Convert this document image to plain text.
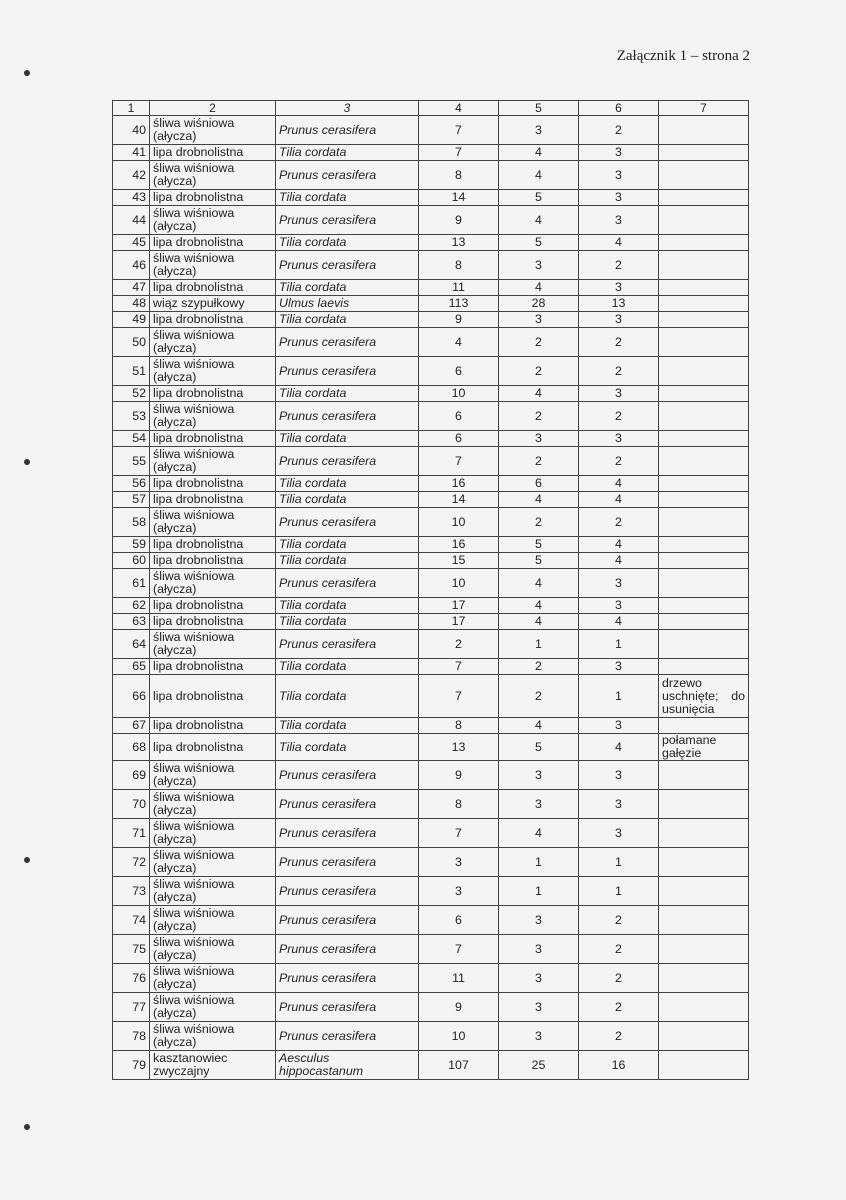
Załącznik 1 – strona 2
1	2	3	4	5	6	7
40	śliwa wiśniowa (ałycza)	Prunus cerasifera	7	3	2	
41	lipa drobnolistna	Tilia cordata	7	4	3	
42	śliwa wiśniowa (ałycza)	Prunus cerasifera	8	4	3	
43	lipa drobnolistna	Tilia cordata	14	5	3	
44	śliwa wiśniowa (ałycza)	Prunus cerasifera	9	4	3	
45	lipa drobnolistna	Tilia cordata	13	5	4	
46	śliwa wiśniowa (ałycza)	Prunus cerasifera	8	3	2	
47	lipa drobnolistna	Tilia cordata	11	4	3	
48	wiąz szypułkowy	Ulmus laevis	113	28	13	
49	lipa drobnolistna	Tilia cordata	9	3	3	
50	śliwa wiśniowa (ałycza)	Prunus cerasifera	4	2	2	
51	śliwa wiśniowa (ałycza)	Prunus cerasifera	6	2	2	
52	lipa drobnolistna	Tilia cordata	10	4	3	
53	śliwa wiśniowa (ałycza)	Prunus cerasifera	6	2	2	
54	lipa drobnolistna	Tilia cordata	6	3	3	
55	śliwa wiśniowa (ałycza)	Prunus cerasifera	7	2	2	
56	lipa drobnolistna	Tilia cordata	16	6	4	
57	lipa drobnolistna	Tilia cordata	14	4	4	
58	śliwa wiśniowa (ałycza)	Prunus cerasifera	10	2	2	
59	lipa drobnolistna	Tilia cordata	16	5	4	
60	lipa drobnolistna	Tilia cordata	15	5	4	
61	śliwa wiśniowa (ałycza)	Prunus cerasifera	10	4	3	
62	lipa drobnolistna	Tilia cordata	17	4	3	
63	lipa drobnolistna	Tilia cordata	17	4	4	
64	śliwa wiśniowa (ałycza)	Prunus cerasifera	2	1	1	
65	lipa drobnolistna	Tilia cordata	7	2	3	
66	lipa drobnolistna	Tilia cordata	7	2	1	drzewo uschnięte; do usunięcia
67	lipa drobnolistna	Tilia cordata	8	4	3	
68	lipa drobnolistna	Tilia cordata	13	5	4	połamane gałęzie
69	śliwa wiśniowa (ałycza)	Prunus cerasifera	9	3	3	
70	śliwa wiśniowa (ałycza)	Prunus cerasifera	8	3	3	
71	śliwa wiśniowa (ałycza)	Prunus cerasifera	7	4	3	
72	śliwa wiśniowa (ałycza)	Prunus cerasifera	3	1	1	
73	śliwa wiśniowa (ałycza)	Prunus cerasifera	3	1	1	
74	śliwa wiśniowa (ałycza)	Prunus cerasifera	6	3	2	
75	śliwa wiśniowa (ałycza)	Prunus cerasifera	7	3	2	
76	śliwa wiśniowa (ałycza)	Prunus cerasifera	11	3	2	
77	śliwa wiśniowa (ałycza)	Prunus cerasifera	9	3	2	
78	śliwa wiśniowa (ałycza)	Prunus cerasifera	10	3	2	
79	kasztanowiec zwyczajny	Aesculus hippocastanum	107	25	16	
